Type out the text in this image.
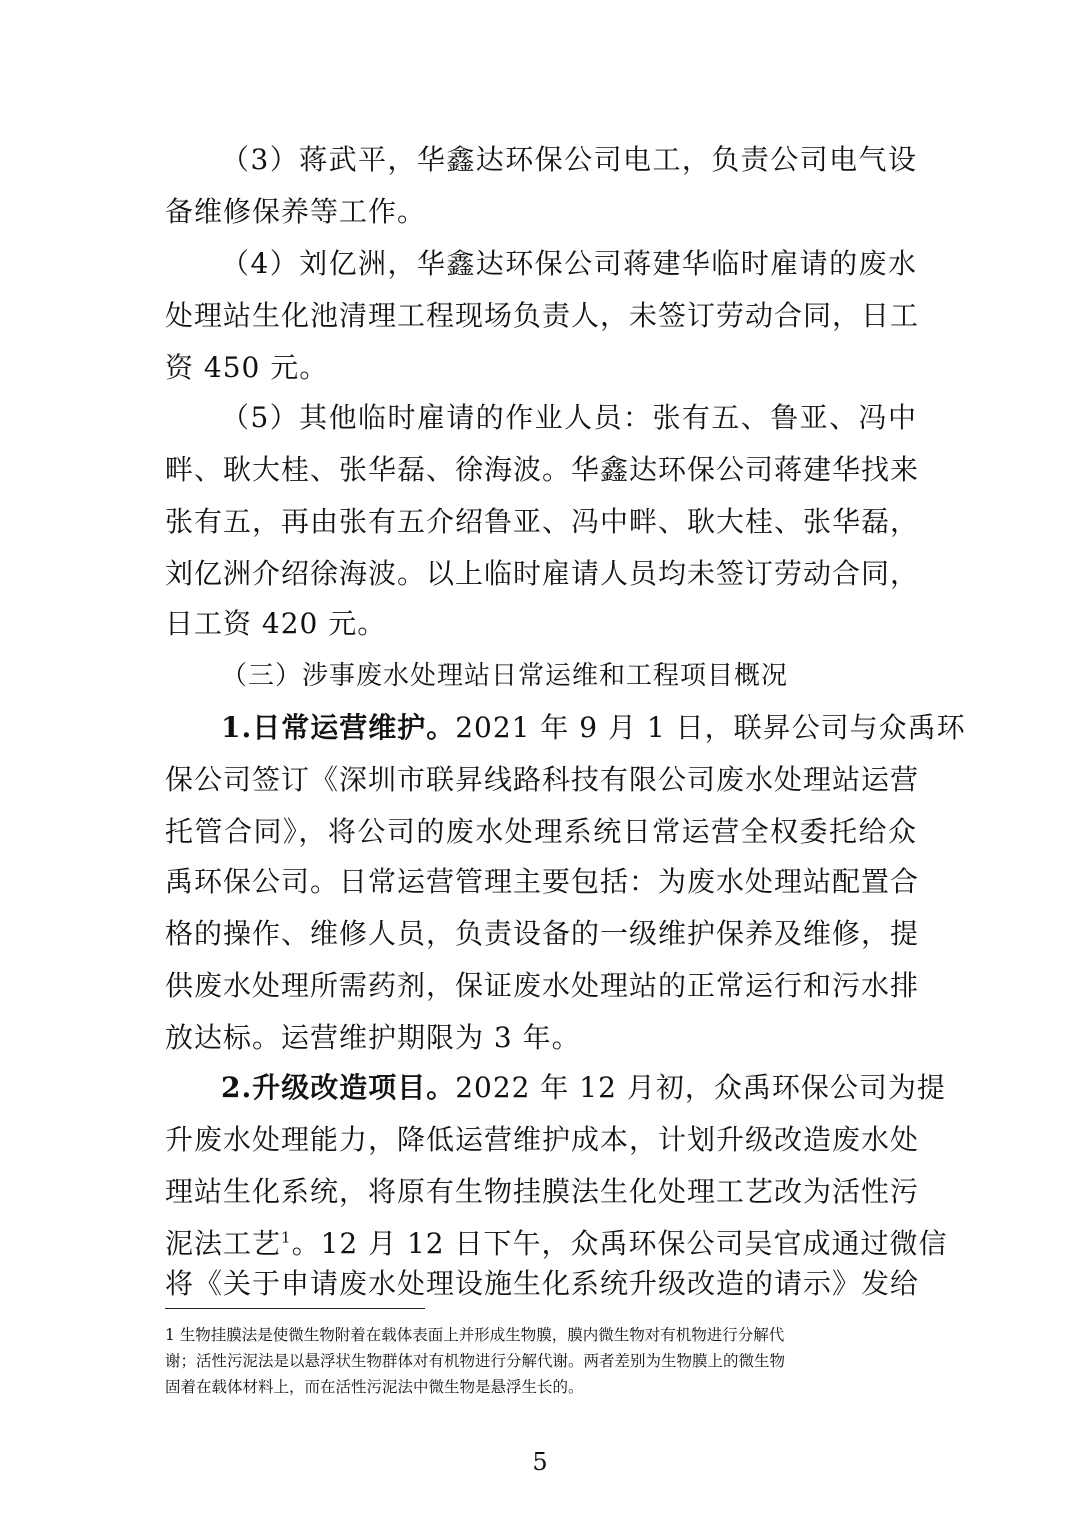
（3）蒋武平，华鑫达环保公司电工，负责公司电气设
备维修保养等工作。
（4）刘亿洲，华鑫达环保公司蒋建华临时雇请的废水
处理站生化池清理工程现场负责人，未签订劳动合同，日工
资 450 元。
（5）其他临时雇请的作业人员：张有五、鲁亚、冯中
畔、耿大桂、张华磊、徐海波。华鑫达环保公司蒋建华找来
张有五，再由张有五介绍鲁亚、冯中畔、耿大桂、张华磊，
刘亿洲介绍徐海波。以上临时雇请人员均未签订劳动合同，
日工资 420 元。
（三）涉事废水处理站日常运维和工程项目概况
1.日常运营维护。2021 年 9 月 1 日，联昇公司与众禹环
保公司签订《深圳市联昇线路科技有限公司废水处理站运营
托管合同》，将公司的废水处理系统日常运营全权委托给众
禹环保公司。日常运营管理主要包括：为废水处理站配置合
格的操作、维修人员，负责设备的一级维护保养及维修，提
供废水处理所需药剂，保证废水处理站的正常运行和污水排
放达标。运营维护期限为 3 年。
2.升级改造项目。2022 年 12 月初，众禹环保公司为提
升废水处理能力，降低运营维护成本，计划升级改造废水处
理站生化系统，将原有生物挂膜法生化处理工艺改为活性污
泥法工艺$^1$。12 月 12 日下午，众禹环保公司吴官成通过微信
将《关于申请废水处理设施生化系统升级改造的请示》发给
1 生物挂膜法是使微生物附着在载体表面上并形成生物膜，膜内微生物对有机物进行分解代
谢；活性污泥法是以悬浮状生物群体对有机物进行分解代谢。两者差别为生物膜上的微生物
固着在载体材料上，而在活性污泥法中微生物是悬浮生长的。
5
